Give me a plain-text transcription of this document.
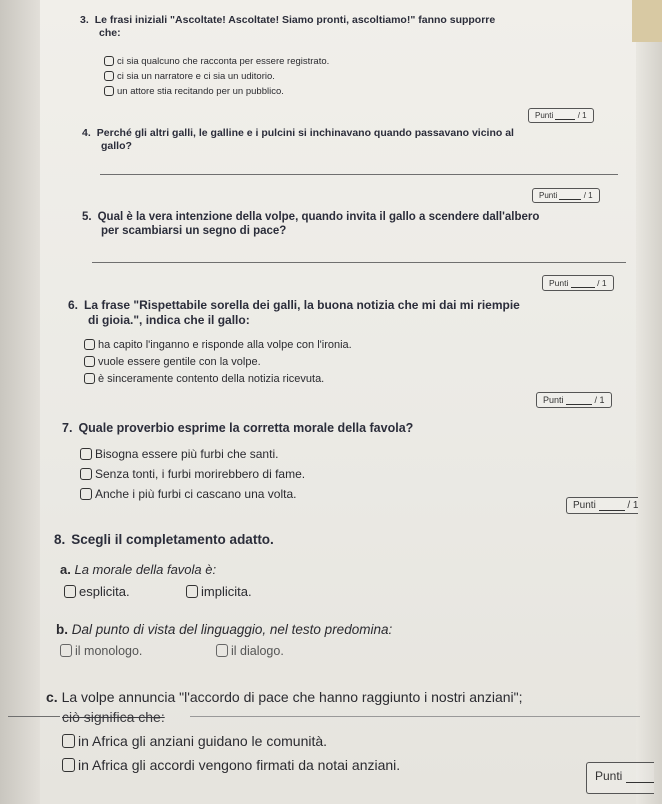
3. Le frasi iniziali "Ascoltate! Ascoltate! Siamo pronti, ascoltiamo!" fanno supporre
che:
ci sia qualcuno che racconta per essere registrato.
ci sia un narratore e ci sia un uditorio.
un attore stia recitando per un pubblico.
Punti	/ 1
4. Perché gli altri galli, le galline e i pulcini si inchinavano quando passavano vicino al
gallo?
Punti	/ 1
5. Qual è la vera intenzione della volpe, quando invita il gallo a scendere dall'albero
per scambiarsi un segno di pace?
Punti	/ 1
6. La frase "Rispettabile sorella dei galli, la buona notizia che mi dai mi riempie
di gioia.", indica che il gallo:
ha capito l'inganno e risponde alla volpe con l'ironia.
vuole essere gentile con la volpe.
è sinceramente contento della notizia ricevuta.
Punti	/ 1
7. Quale proverbio esprime la corretta morale della favola?
Bisogna essere più furbi che santi.
Senza tonti, i furbi morirebbero di fame.
Anche i più furbi ci cascano una volta.
Punti	/ 1
8. Scegli il completamento adatto.
a. La morale della favola è:
esplicita.	implicita.
b. Dal punto di vista del linguaggio, nel testo predomina:
il monologo.	il dialogo.
c. La volpe annuncia "l'accordo di pace che hanno raggiunto i nostri anziani";
ciò significa che:
in Africa gli anziani guidano le comunità.
in Africa gli accordi vengono firmati da notai anziani.
Punti
